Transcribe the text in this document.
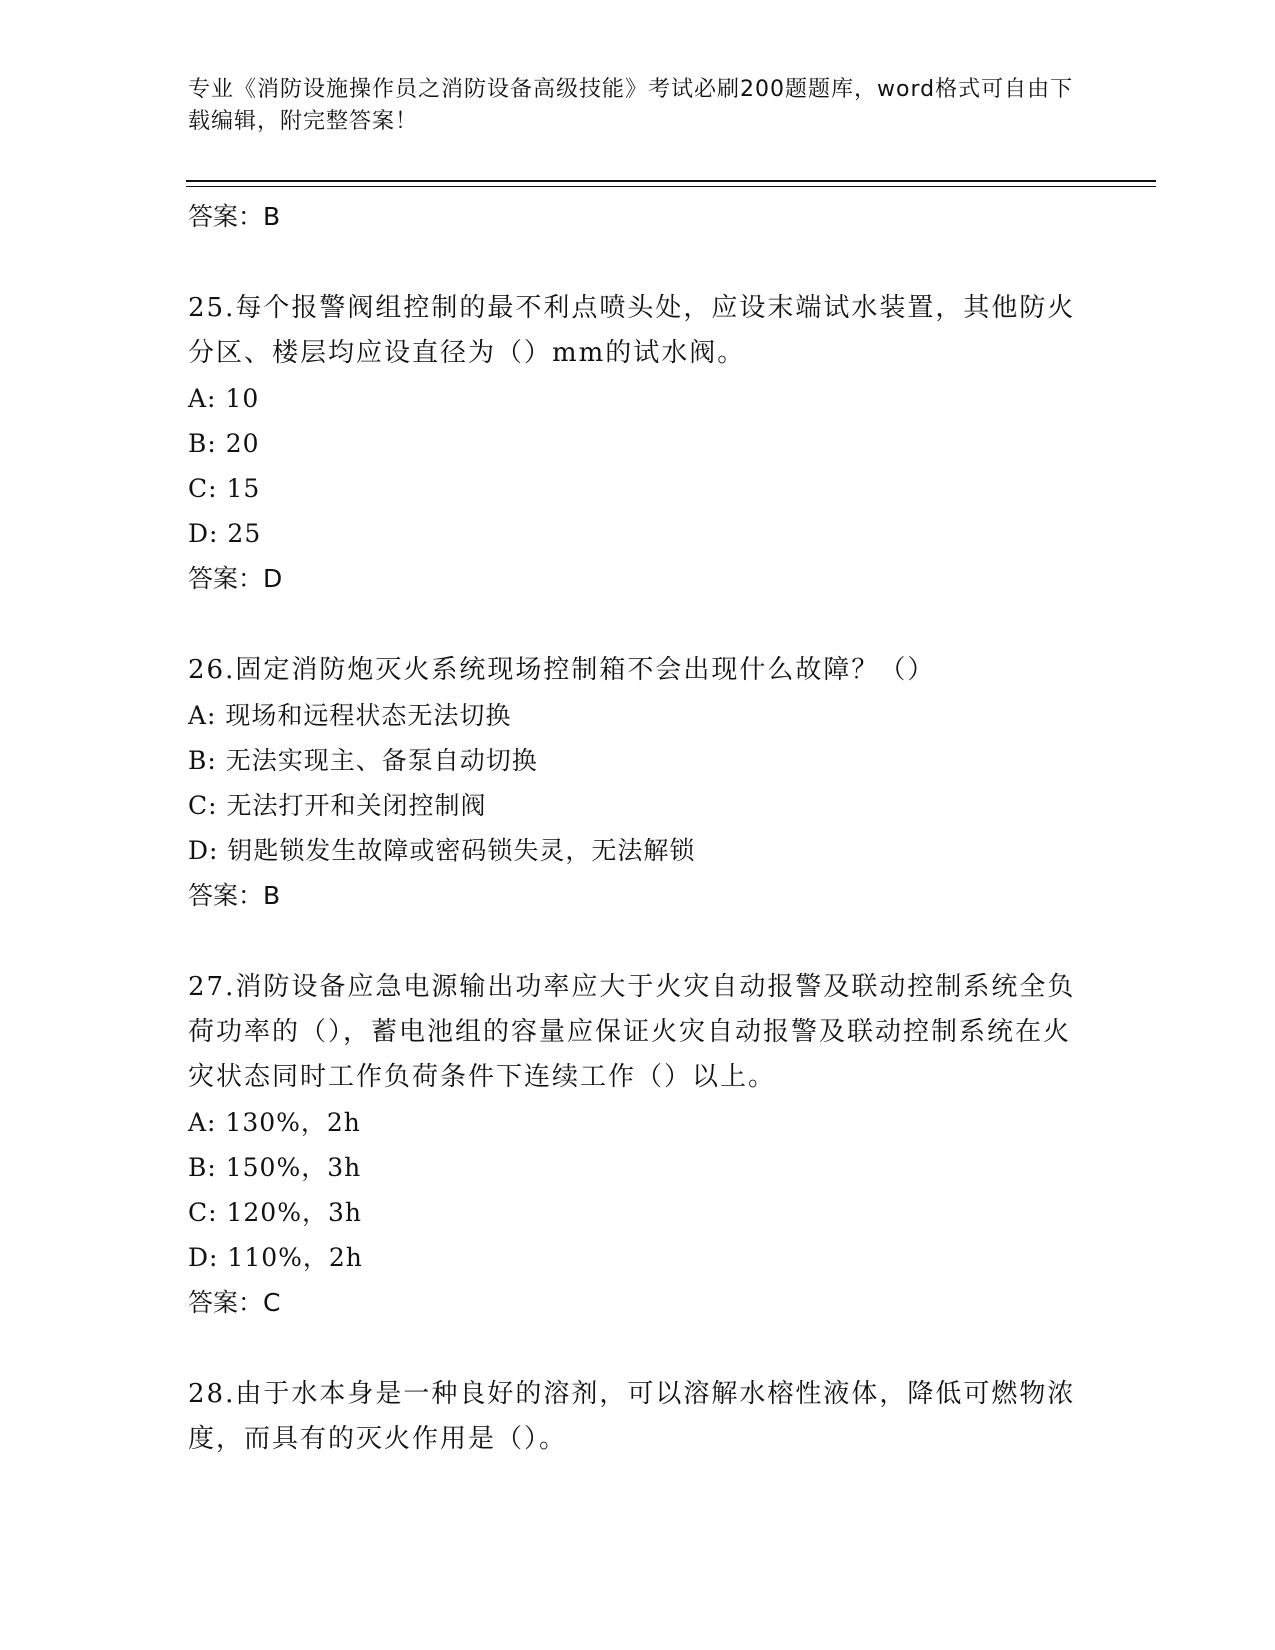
专业《消防设施操作员之消防设备高级技能》考试必刷200题题库，word格式可自由下载编辑，附完整答案！
答案：B
25.每个报警阀组控制的最不利点喷头处，应设末端试水装置，其他防火分区、楼层均应设直径为（）mm的试水阀。
A: 10
B: 20
C: 15
D: 25
答案：D
26.固定消防炮灭火系统现场控制箱不会出现什么故障？（）
A: 现场和远程状态无法切换
B: 无法实现主、备泵自动切换
C: 无法打开和关闭控制阀
D: 钥匙锁发生故障或密码锁失灵，无法解锁
答案：B
27.消防设备应急电源输出功率应大于火灾自动报警及联动控制系统全负荷功率的（），蓄电池组的容量应保证火灾自动报警及联动控制系统在火灾状态同时工作负荷条件下连续工作（）以上。
A: 130%，2h
B: 150%，3h
C: 120%，3h
D: 110%，2h
答案：C
28.由于水本身是一种良好的溶剂，可以溶解水榕性液体，降低可燃物浓度，而具有的灭火作用是（）。
